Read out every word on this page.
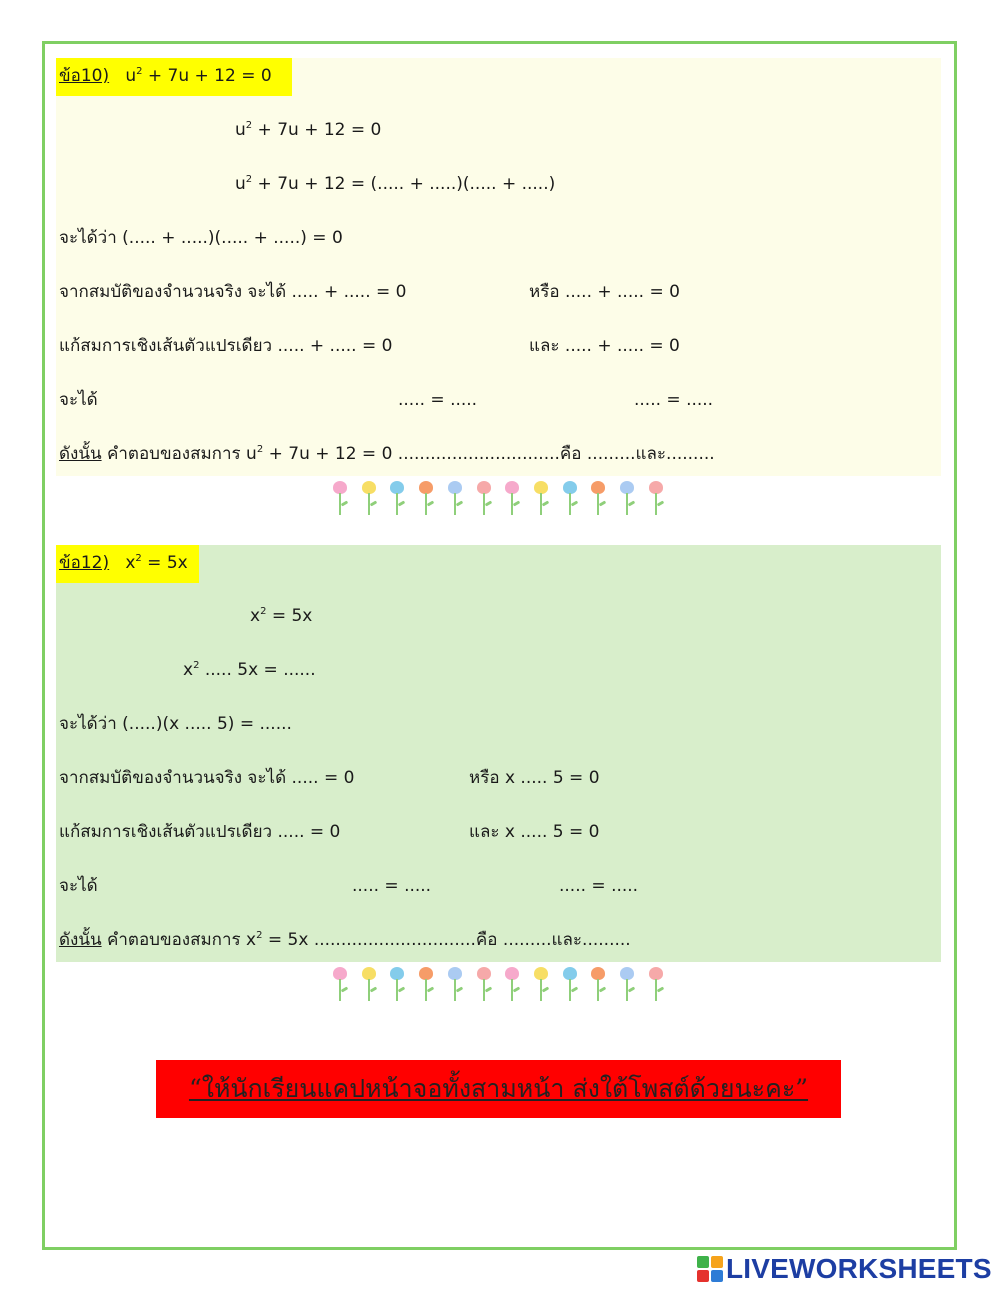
ข้อ10) $u^2 + 7u + 12 = 0$
$u^2 + 7u + 12 = 0$
$u^2 + 7u + 12$ = (..... + .....)(..... + .....)
จะได้ว่า (..... + .....)(..... + .....) = 0
จากสมบัติของจำนวนจริง จะได้ ..... + ..... = 0	หรือ ..... + ..... = 0
แก้สมการเชิงเส้นตัวแปรเดียว ..... + ..... = 0	และ ..... + ..... = 0
จะได้	..... = .....	..... = .....
ดังนั้น คำตอบของสมการ $u^2 + 7u + 12 = 0$ ..............................คือ .........และ.........
ข้อ12) $x^2 = 5x$
$x^2 = 5x$
$x^2$ ..... 5x = ......
จะได้ว่า (.....)(x ..... 5) = ......
จากสมบัติของจำนวนจริง จะได้ ..... = 0	หรือ x ..... 5 = 0
แก้สมการเชิงเส้นตัวแปรเดียว ..... = 0	และ x ..... 5 = 0
จะได้	..... = .....	..... = .....
ดังนั้น คำตอบของสมการ $x^2 = 5x$ ..............................คือ .........และ.........
“ให้นักเรียนแคปหน้าจอทั้งสามหน้า ส่งใต้โพสต์ด้วยนะคะ”
LIVEWORKSHEETS
